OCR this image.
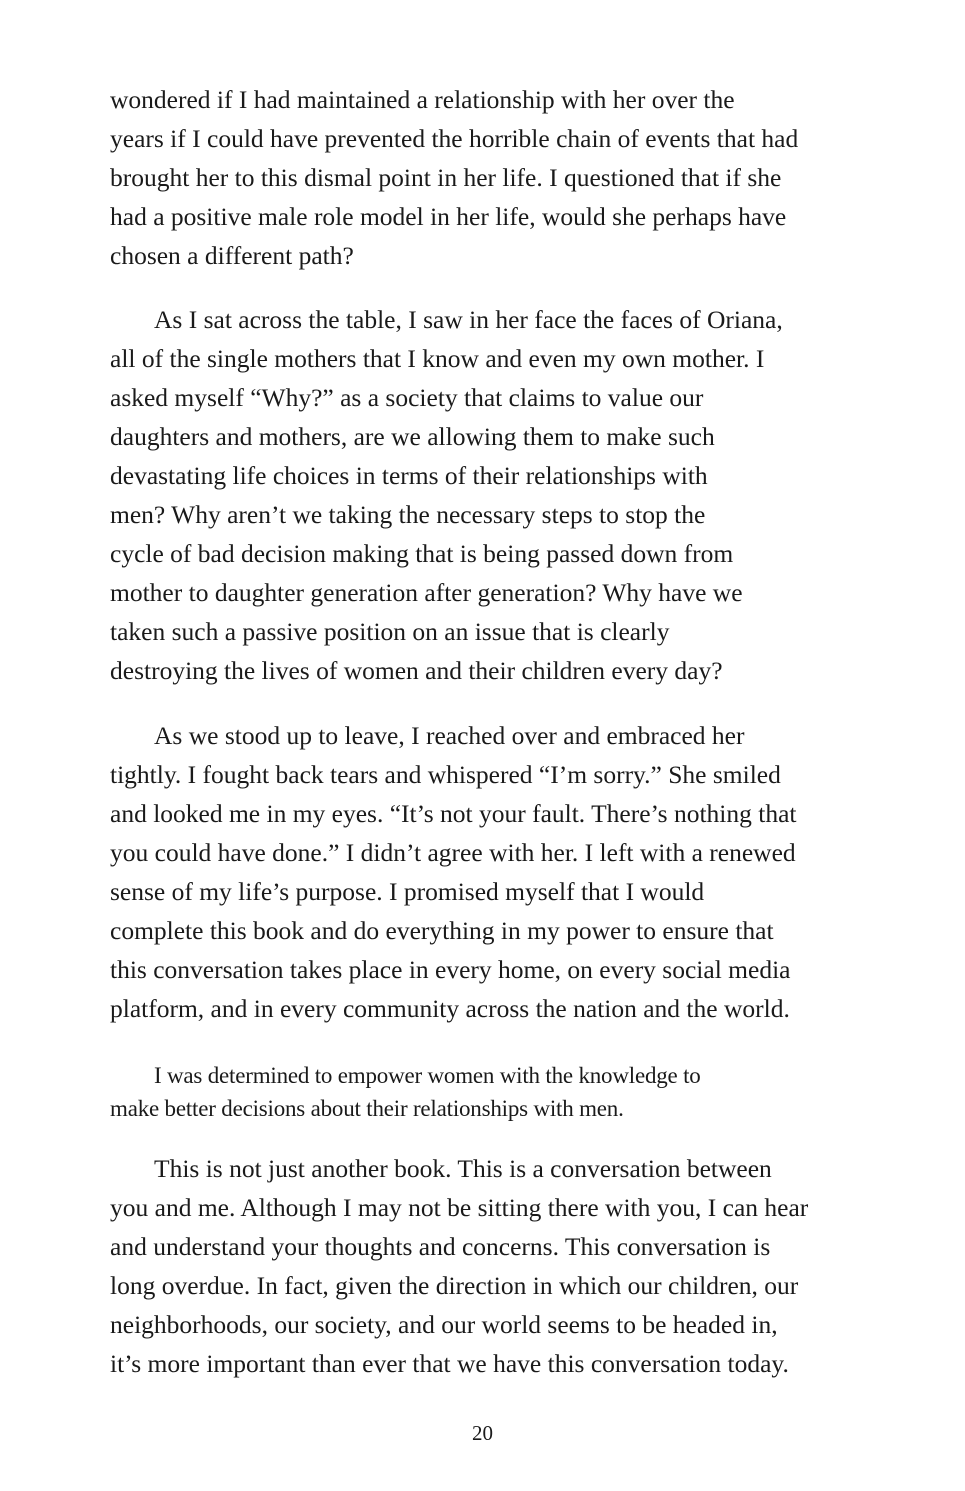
wondered if I had maintained a relationship with her over the
years if I could have prevented the horrible chain of events that had
brought her to this dismal point in her life. I questioned that if she
had a positive male role model in her life, would she perhaps have
chosen a different path?
As I sat across the table, I saw in her face the faces of Oriana,
all of the single mothers that I know and even my own mother. I
asked myself “Why?” as a society that claims to value our
daughters and mothers, are we allowing them to make such
devastating life choices in terms of their relationships with
men? Why aren’t we taking the necessary steps to stop the
cycle of bad decision making that is being passed down from
mother to daughter generation after generation? Why have we
taken such a passive position on an issue that is clearly
destroying the lives of women and their children every day?
As we stood up to leave, I reached over and embraced her
tightly. I fought back tears and whispered “I’m sorry.” She smiled
and looked me in my eyes. “It’s not your fault. There’s nothing that
you could have done.” I didn’t agree with her. I left with a renewed
sense of my life’s purpose. I promised myself that I would
complete this book and do everything in my power to ensure that
this conversation takes place in every home, on every social media
platform, and in every community across the nation and the world.
I was determined to empower women with the knowledge to
make better decisions about their relationships with men.
This is not just another book. This is a conversation between
you and me. Although I may not be sitting there with you, I can hear
and understand your thoughts and concerns. This conversation is
long overdue. In fact, given the direction in which our children, our
neighborhoods, our society, and our world seems to be headed in,
it’s more important than ever that we have this conversation today.
20
